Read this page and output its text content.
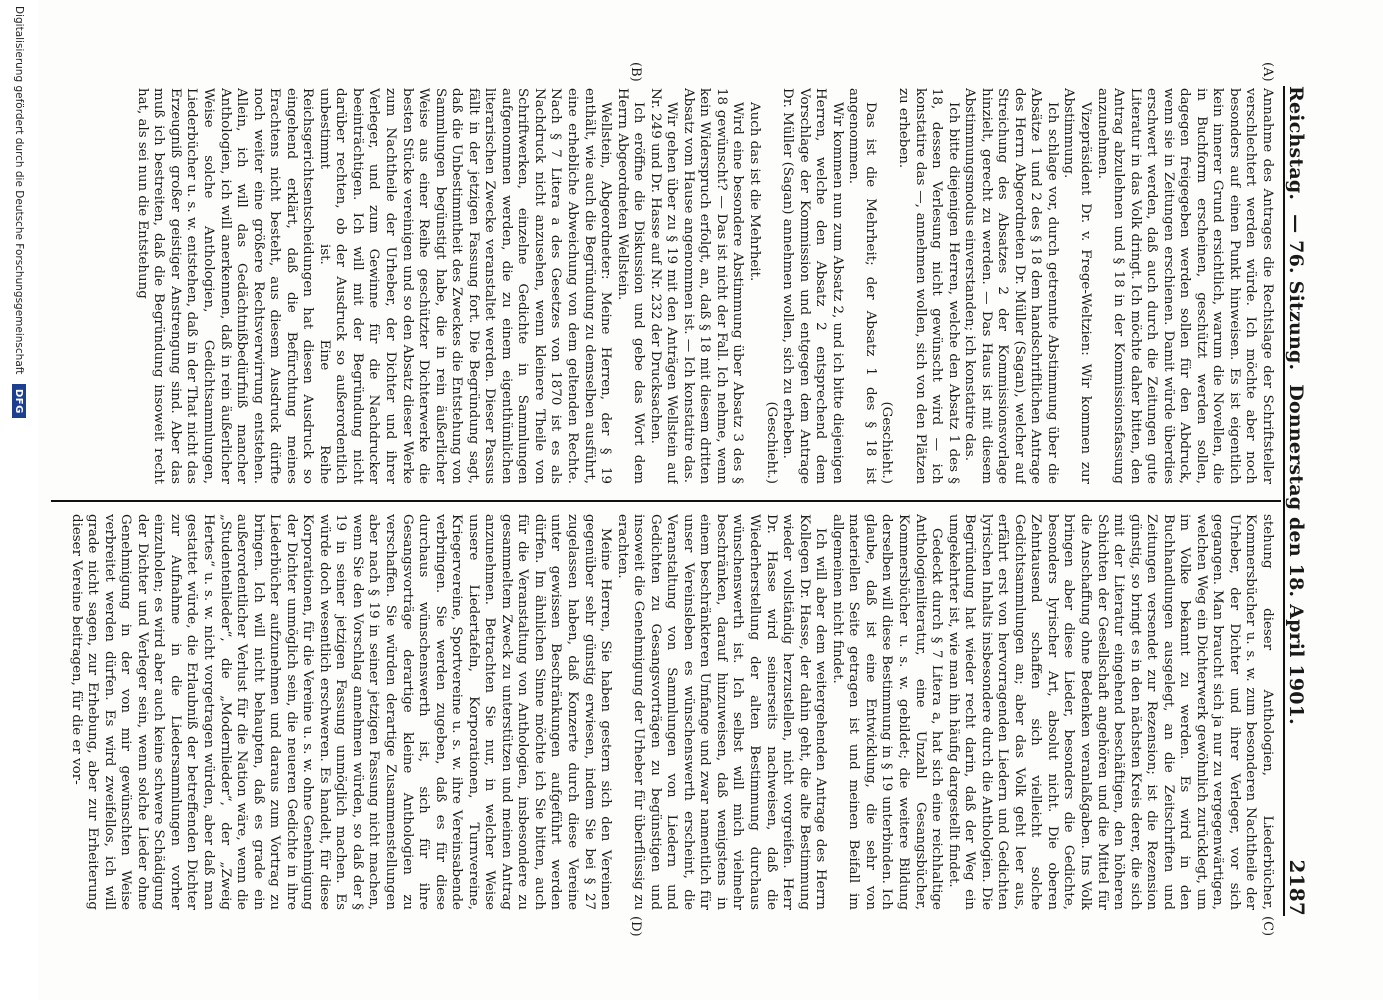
Reichstag.
— 76. Sitzung.
Donnerstag den 18. April 1901.
2187
(A)
(B)
(C)
(D)

Annahme des Antrages die Rechtslage der Schriftsteller verschlechtert werden würde. Ich möchte aber noch besonders auf einen Punkt hinweisen. Es ist eigentlich kein innerer Grund ersichtlich, warum die Novellen, die in Buchform erscheinen, geschützt werden sollen, dagegen freigegeben werden sollen für den Abdruck, wenn sie in Zeitungen erschienen. Damit würde überdies erschwert werden, daß auch durch die Zeitungen gute Literatur in das Volk dringt. Ich möchte daher bitten, den Antrag abzulehnen und § 18 in der Kommissionsfassung anzunehmen.

Vizepräsident Dr. v. Frege-Weltzien: Wir kommen zur Abstimmung.

Ich schlage vor, durch getrennte Abstimmung über die Absätze 1 und 2 des § 18 dem handschriftlichen Antrage des Herrn Abgeordneten Dr. Müller (Sagan), welcher auf Streichung des Absatzes 2 der Kommissionsvorlage hinzielt, gerecht zu werden. — Das Haus ist mit diesem Abstimmungsmodus einverstanden; ich konstatire das.

Ich bitte diejenigen Herren, welche den Absatz 1 des § 18, dessen Verlesung nicht gewünscht wird — ich konstatire das —, annehmen wollen, sich von den Plätzen zu erheben.

(Geschieht.)

Das ist die Mehrheit; der Absatz 1 des § 18 ist angenommen.

Wir kommen nun zum Absatz 2, und ich bitte diejenigen Herren, welche den Absatz 2 entsprechend dem Vorschlage der Kommission und entgegen dem Antrage Dr. Müller (Sagan) annehmen wollen, sich zu erheben.

(Geschieht.)

Auch das ist die Mehrheit.

Wird eine besondere Abstimmung über Absatz 3 des § 18 gewünscht? — Das ist nicht der Fall. Ich nehme, wenn kein Widerspruch erfolgt, an, daß § 18 mit diesem dritten Absatz vom Hause angenommen ist. — Ich konstatire das.

Wir gehen über zu § 19 mit den Anträgen Wellstein auf Nr. 249 und Dr. Hasse auf Nr. 232 der Drucksachen.

Ich eröffne die Diskussion und gebe das Wort dem Herrn Abgeordneten Wellstein.

Wellstein, Abgeordneter: Meine Herren, der § 19 enthält, wie auch die Begründung zu demselben ausführt, eine erhebliche Abweichung von dem geltenden Rechte. Nach § 7 Litera a des Gesetzes von 1870 ist es als Nachdruck nicht anzusehen, wenn kleinere Theile von Schriftwerken, einzelne Gedichte in Sammlungen aufgenommen werden, die zu einem eigenthümlichen literarischen Zwecke veranstaltet werden. Dieser Passus fällt in der jetzigen Fassung fort. Die Begründung sagt, daß die Unbestimmtheit des Zweckes die Entstehung von Sammlungen begünstigt habe, die in rein äußerlicher Weise aus einer Reihe geschützter Dichterwerke die besten Stücke vereinigen und so den Absatz dieser Werke zum Nachtheile der Urheber, der Dichter und ihrer Verleger, und zum Gewinne für die Nachdrucker beeinträchtigen. Ich will mit der Begründung nicht darüber rechten, ob der Ausdruck so außerordentlich unbestimmt ist. Eine Reihe Reichsgerichtsentscheidungen hat diesen Ausdruck so eingehend erklärt, daß die Befürchtung meines Erachtens nicht besteht, aus diesem Ausdruck dürfte noch weiter eine größere Rechtsverwirrung entstehen. Allein, ich will das Gedächtnißbedürfniß mancher Anthologien, ich will anerkennen, daß in rein äußerlicher Weise solche Anthologien, Gedichtsammlungen, Liederbücher u. s. w. entstehen, daß in der That nicht das Erzeugniß großer geistiger Anstrengung sind. Aber das muß ich bestreiten, daß die Begründung insoweit recht hat, als sei nun die Entstehung

stehung dieser Anthologien, Liederbücher, Kommersbücher u. s. w. zum besonderen Nachtheile der Urheber, der Dichter und ihrer Verleger, vor sich gegangen. Man braucht sich ja nur zu vergegenwärtigen, welchen Weg ein Dichterwerk gewöhnlich zurücklegt, um im Volke bekannt zu werden. Es wird in den Buchhandlungen ausgelegt, an die Zeitschriften und Zeitungen versendet zur Rezension; ist die Rezension günstig, so bringt es in den nächsten Kreis derer, die sich mit der Literatur eingehend beschäftigen, den höheren Schichten der Gesellschaft angehören und die Mittel für die Anschaffung ohne Bedenken veranlaßgaben. Ins Volk bringen aber diese Lieder, besonders die Gedichte, besonders lyrischer Art, absolut nicht. Die oberen Zehntausend schaffen sich vielleicht solche Gedichtsammlungen an; aber das Volk geht leer aus, erfährt erst von hervorragenden Liedern und Gedichten lyrischen Inhalts insbesondere durch die Anthologien. Die Begründung hat wieder recht darin, daß der Weg ein umgekehrter ist, wie man ihn häufig dargestellt findet.

Gedeckt durch § 7 Litera a, hat sich eine reichhaltige Anthologienliteratur, eine Unzahl Gesangsbücher, Kommersbücher u. s. w. gebildet; die weitere Bildung derselben will diese Bestimmung in § 19 unterbinden. Ich glaube, daß ist eine Entwicklung, die sehr von materiellen Seite getragen ist und meinen Beifall im allgemeinen nicht findet.

Ich will aber dem weitergehenden Antrage des Herrn Kollegen Dr. Hasse, der dahin geht, die alte Bestimmung wieder vollständig herzustellen, nicht vorgreifen. Herr Dr. Hasse wird seinerseits nachweisen, daß die Wiederherstellung der alten Bestimmung durchaus wünschenswerth ist. Ich selbst will mich vielmehr beschränken, darauf hinzuweisen, daß wenigstens in einem beschränkteren Umfange und zwar namentlich für unser Vereinsleben es wünschenswerth erscheint, die Veranstaltung von Sammlungen von Liedern und Gedichten zu Gesangsvorträgen zu begünstigen und insoweit die Genehmigung der Urheber für überflüssig zu erachten.

Meine Herren, Sie haben gestern sich den Vereinen gegenüber sehr günstig erwiesen, indem Sie bei § 27 zugelassen haben, daß Konzerte durch diese Vereine unter gewissen Beschränkungen aufgeführt werden dürfen. Im ähnlichen Sinne möchte ich Sie bitten, auch für die Veranstaltung von Anthologien, insbesondere zu gesammeltem Zweck zu unterstützen und meinen Antrag anzunehmen. Betrachten Sie nur, in welcher Weise unsere Liedertafeln, Korporationen, Turnvereine, Kriegervereine, Sportvereine u. s. w. ihre Vereinsabende verbringen. Sie werden zugeben, daß es für diese durchaus wünschenswerth ist, sich für ihre Gesangsvorträge derartige kleine Anthologien zu verschaffen. Sie würden derartige Zusammenstellungen aber nach § 19 in seiner jetzigen Fassung nicht machen, wenn Sie den Vorschlag annehmen würden, so daß der § 19 in seiner jetzigen Fassung unmöglich machen. Es würde doch wesentlich erschweren. Es handelt, für diese Korporationen, für die Vereine u. s. w. ohne Genehmigung der Dichter unmöglich sein, die neueren Gedichte in ihre Liederbücher aufzunehmen und daraus zum Vortrag zu bringen. Ich will nicht behaupten, daß es grade ein außerordentlicher Verlust für die Nation wäre, wenn die „Studentenlieder“, die „Modernlieder“, der „Zweig Hertes“ u. s. w. nicht vorgetragen würden, aber daß man gestattet würde, die Erlaubniß der betreffenden Dichter zur Aufnahme in die Liedersammlungen vorher einzuholen; es wird aber auch keine schwere Schädigung der Dichter und Verleger sein, wenn solche Lieder ohne Genehmigung in der von mir gewünschten Weise verbreitet werden dürfen. Es wird zweifellos, ich will grade nicht sagen, zur Erhebung, aber zur Erheiterung dieser Vereine beitragen, für die er vor-

Digitalisierung gefördert durch die Deutsche Forschungsgemeinschaft
DFG
